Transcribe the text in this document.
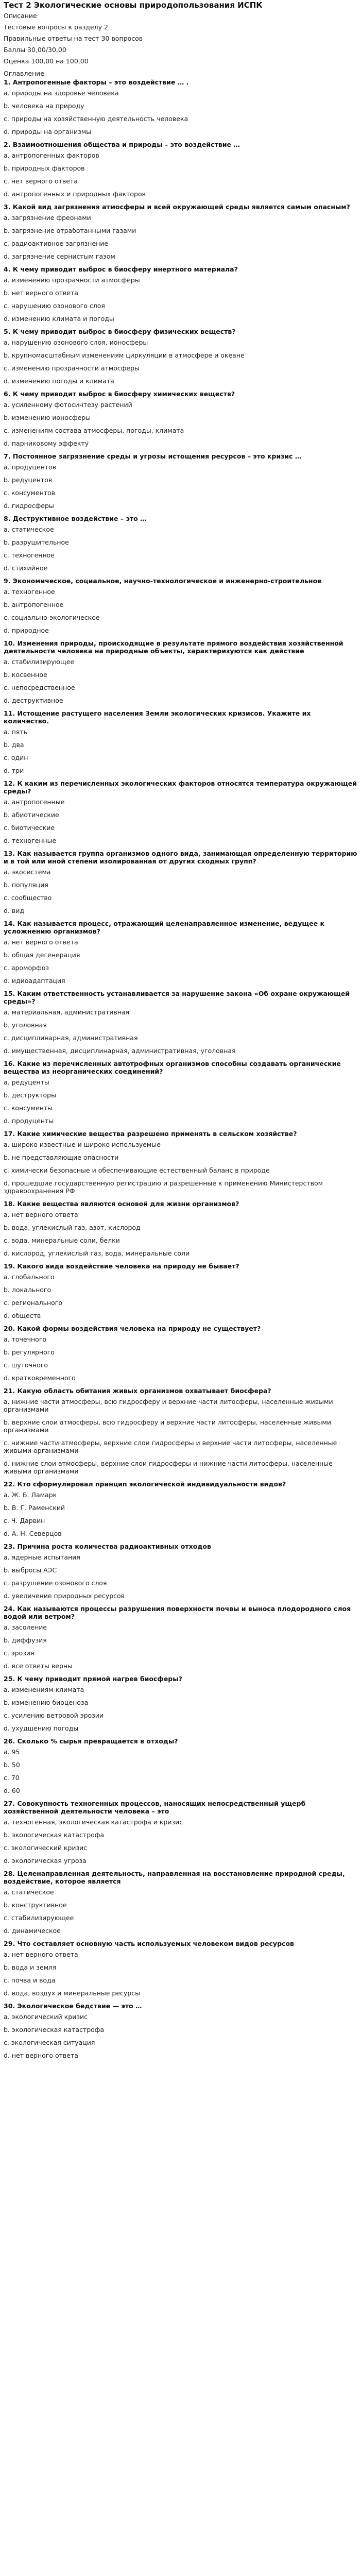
Тест 2 Экологические основы природопользования ИСПК
Описание
Тестовые вопросы к разделу 2
Правильные ответы на тест 30 вопросов
Баллы 30,00/30,00
Оценка 100,00 на 100,00
Оглавление
1. Антропогенные факторы – это воздействие … .
а. природы на здоровье человека
b. человека на природу
c. природы на хозяйственную деятельность человека
d. природы на организмы
2. Взаимоотношения общества и природы – это воздействие …
a. антропогенных факторов
b. природных факторов
c. нет верного ответа
d. антропогенных и природных факторов
3. Какой вид загрязнения атмосферы и всей окружающей среды является самым опасным?
a. загрязнение фреонами
b. загрязнение отработанными газами
c. радиоактивное загрязнение
d. загрязнение сернистым газом
4. К чему приводит выброс в биосферу инертного материала?
а. изменению прозрачности атмосферы
b. нет верного ответа
c. нарушению озонового слоя
d. изменению климата и погоды
5. К чему приводит выброс в биосферу физических веществ?
a. нарушению озонового слоя, ионосферы
b. крупномасштабным изменениям циркуляции в атмосфере и океане
c. изменению прозрачности атмосферы
d. изменению погоды и климата
6. К чему приводит выброс в биосферу химических веществ?
a. усиленному фотосинтезу растений
b. изменению ионосферы
c. изменениям состава атмосферы, погоды, климата
d. парниковому эффекту
7. Постоянное загрязнение среды и угрозы истощения ресурсов – это кризис …
a. продуцентов
b. редуцентов
c. консументов
d. гидросферы
8. Деструктивное воздействие – это …
a. статическое
b. разрушительное
c. техногенное
d. стихийное
9. Экономическое, социальное, научно-технологическое и инженерно-строительное
a. техногенное
b. антропогенное
c. социально-экологическое
d. природное
10. Изменения природы, происходящие в результате прямого воздействия хозяйственной деятельности человека на природные объекты, характеризуются как действие
a. стабилизирующее
b. косвенное
c. непосредственное
d. деструктивное
11. Истощение растущего населения Земли экологических кризисов. Укажите их количество.
a. пять
b. два
c. один
d. три
12. К каким из перечисленных экологических факторов относятся температура окружающей среды?
a. антропогенные
b. абиотические
c. биотические
d. техногенные
13. Как называется группа организмов одного вида, занимающая определенную территорию и в той или иной степени изолированная от других сходных групп?
a. экосистема
b. популяция
c. сообщество
d. вид
14. Как называется процесс, отражающий целенаправленное изменение, ведущее к усложнению организмов?
a. нет верного ответа
b. общая дегенерация
c. ароморфоз
d. идиоадаптация
15. Каким ответственность устанавливается за нарушение закона «Об охране окружающей среды»?
a. материальная, административная
b. уголовная
c. дисциплинарная, административная
d. имущественная, дисциплинарная, административная, уголовная
16. Какие из перечисленных автотрофных организмов способны создавать органические вещества из неорганических соединений?
a. редуценты
b. деструкторы
c. консументы
d. продуценты
17. Какие химические вещества разрешено применять в сельском хозяйстве?
a. широко известные и широко используемые
b. не представляющие опасности
c. химически безопасные и обеспечивающие естественный баланс в природе
d. прошедшие государственную регистрацию и разрешенные к применению Министерством здравоохранения РФ
18. Какие вещества являются основой для жизни организмов?
a. нет верного ответа
b. вода, углекислый газ, азот, кислород
c. вода, минеральные соли, белки
d. кислород, углекислый газ, вода, минеральные соли
19. Какого вида воздействие человека на природу не бывает?
a. глобального
b. локального
c. регионального
d. обществ
20. Какой формы воздействия человека на природу не существует?
a. точечного
b. регулярного
c. шуточного
d. кратковременного
21. Какую область обитания живых организмов охватывает биосфера?
a. нижние части атмосферы, всю гидросферу и верхние части литосферы, населенные живыми организмами
b. верхние слои атмосферы, всю гидросферу и верхние части литосферы, населенные живыми организмами
c. нижние части атмосферы, верхние слои гидросферы и верхние части литосферы, населенные живыми организмами
d. нижние слои атмосферы, верхние слои гидросферы и нижние части литосферы, населенные живыми организмами
22. Кто сформулировал принцип экологической индивидуальности видов?
a. Ж. Б. Ламарк
b. В. Г. Раменский
c. Ч. Дарвин
d. А. Н. Северцов
23. Причина роста количества радиоактивных отходов
a. ядерные испытания
b. выбросы АЭС
c. разрушение озонового слоя
d. увеличение природных ресурсов
24. Как называются процессы разрушения поверхности почвы и выноса плодородного слоя водой или ветром?
a. засоление
b. диффузия
c. эрозия
d. все ответы верны
25. К чему приводит прямой нагрев биосферы?
a. изменениям климата
b. изменению биоценоза
c. усилению ветровой эрозии
d. ухудшению погоды
26. Сколько % сырья превращается в отходы?
a. 95
b. 50
c. 70
d. 60
27. Совокупность техногенных процессов, наносящих непосредственный ущерб хозяйственной деятельности человека – это
a. техногенная, экологическая катастрофа и кризис
b. экологическая катастрофа
c. экологический кризис
d. экологическая угроза
28. Целенаправленная деятельность, направленная на восстановление природной среды, воздействие, которое является
a. статическое
b. конструктивное
c. стабилизирующее
d. динамическое
29. Что составляет основную часть используемых человеком видов ресурсов
a. нет верного ответа
b. вода и земля
c. почва и вода
d. вода, воздух и минеральные ресурсы
30. Экологическое бедствие — это …
a. экологический кризис
b. экологическая катастрофа
c. экологическая ситуация
d. нет верного ответа
